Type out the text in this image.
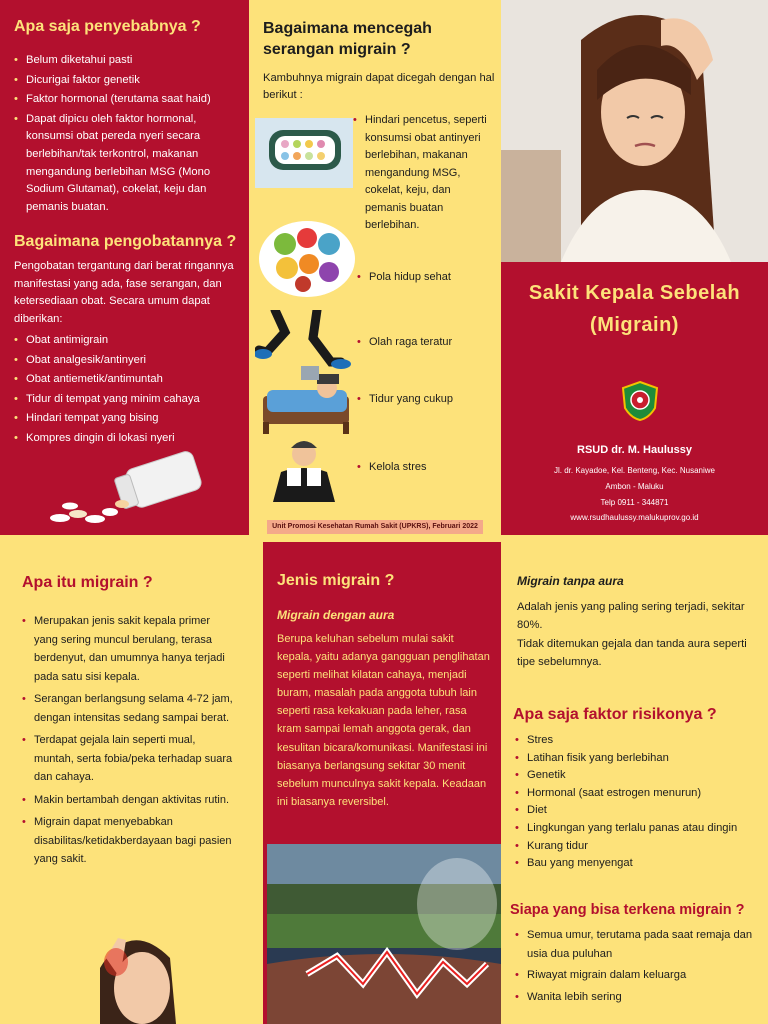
Apa saja penyebabnya ?
• Belum diketahui pasti
• Dicurigai faktor genetik
• Faktor hormonal (terutama saat haid)
• Dapat dipicu oleh faktor hormonal, konsumsi obat pereda nyeri secara berlebihan/tak terkontrol, makanan mengandung berlebihan MSG (Mono Sodium Glutamat), cokelat, keju dan pemanis buatan.
Bagaimana pengobatannya ?
Pengobatan tergantung dari berat ringannya manifestasi yang ada, fase serangan, dan ketersediaan obat. Secara umum dapat diberikan:
• Obat antimigrain
• Obat analgesik/antinyeri
• Obat antiemetik/antimuntah
• Tidur di tempat yang minim cahaya
• Hindari tempat yang bising
• Kompres dingin di lokasi nyeri
Bagaimana mencegah serangan migrain ?
Kambuhnya migrain dapat dicegah dengan hal berikut :
• Hindari pencetus, seperti konsumsi obat antinyeri berlebihan, makanan mengandung MSG, cokelat, keju, dan pemanis buatan berlebihan.
• Pola hidup sehat
• Olah raga teratur
• Tidur yang cukup
• Kelola stres
Unit Promosi Kesehatan Rumah Sakit (UPKRS), Februari 2022
Sakit Kepala Sebelah
(Migrain)
RSUD dr. M. Haulussy
Jl. dr. Kayadoe, Kel. Benteng, Kec. Nusaniwe
Ambon - Maluku
Telp 0911 - 344871
www.rsudhaulussy.malukuprov.go.id
Apa itu migrain ?
• Merupakan jenis sakit kepala primer yang sering muncul berulang, terasa berdenyut, dan umumnya hanya terjadi pada satu sisi kepala.
• Serangan berlangsung selama 4-72 jam, dengan intensitas sedang sampai berat.
• Terdapat gejala lain seperti mual, muntah, serta fobia/peka terhadap suara dan cahaya.
• Makin bertambah dengan aktivitas rutin.
• Migrain dapat menyebabkan disabilitas/ketidakberdayaan bagi pasien yang sakit.
Jenis migrain ?
Migrain dengan aura
Berupa keluhan sebelum mulai sakit kepala, yaitu adanya gangguan penglihatan seperti melihat kilatan cahaya, menjadi buram, masalah pada anggota tubuh lain seperti rasa kekakuan pada leher, rasa kram sampai lemah anggota gerak, dan kesulitan bicara/komunikasi. Manifestasi ini biasanya berlangsung sekitar 30 menit sebelum munculnya sakit kepala. Keadaan ini biasanya reversibel.
Migrain tanpa aura
Adalah jenis yang paling sering terjadi, sekitar 80%.
Tidak ditemukan gejala dan tanda aura seperti tipe sebelumnya.
Apa saja faktor risikonya ?
• Stres
• Latihan fisik yang berlebihan
• Genetik
• Hormonal (saat estrogen menurun)
• Diet
• Lingkungan yang terlalu panas atau dingin
• Kurang tidur
• Bau yang menyengat
Siapa yang bisa terkena migrain ?
• Semua umur, terutama pada saat remaja dan usia dua puluhan
• Riwayat migrain dalam keluarga
• Wanita lebih sering
